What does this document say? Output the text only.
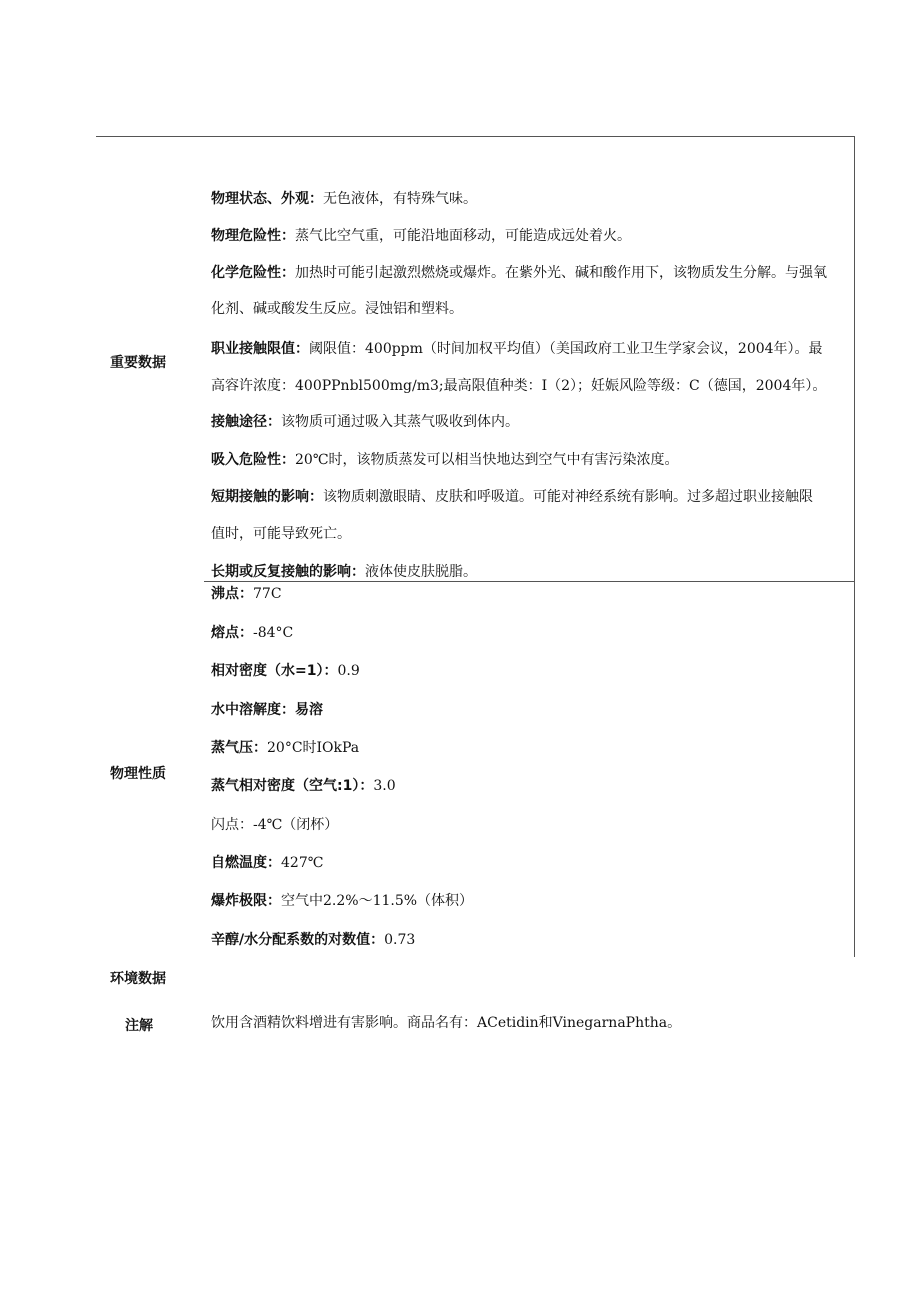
重要数据
物理状态、外观：无色液体，有特殊气味。
物理危险性：蒸气比空气重，可能沿地面移动，可能造成远处着火。
化学危险性：加热时可能引起激烈燃烧或爆炸。在紫外光、碱和酸作用下，该物质发生分解。与强氧
化剂、碱或酸发生反应。浸蚀铝和塑料。
职业接触限值：阈限值：400ppm（时间加权平均值）（美国政府工业卫生学家会议，2004年）。最
高容许浓度：400PPnbl500mg∕m3;最高限值种类：I（2）；妊娠风险等级：C（德国，2004年）。
接触途径：该物质可通过吸入其蒸气吸收到体内。
吸入危险性：20℃时，该物质蒸发可以相当快地达到空气中有害污染浓度。
短期接触的影响：该物质刺激眼睛、皮肤和呼吸道。可能对神经系统有影响。过多超过职业接触限
值时，可能导致死亡。
长期或反复接触的影响：液体使皮肤脱脂。
物理性质
沸点：77C
熔点：-84°C
相对密度（水=1）：0.9
水中溶解度：易溶
蒸气压：20°C时IOkPa
蒸气相对密度（空气:1）：3.0
闪点：-4℃（闭杯）
自燃温度：427℃
爆炸极限：空气中2.2%～11.5%（体积）
辛醇/水分配系数的对数值：0.73
环境数据
注解	饮用含酒精饮料增进有害影响。商品名有：ACetidin和VinegarnaPhtha。
